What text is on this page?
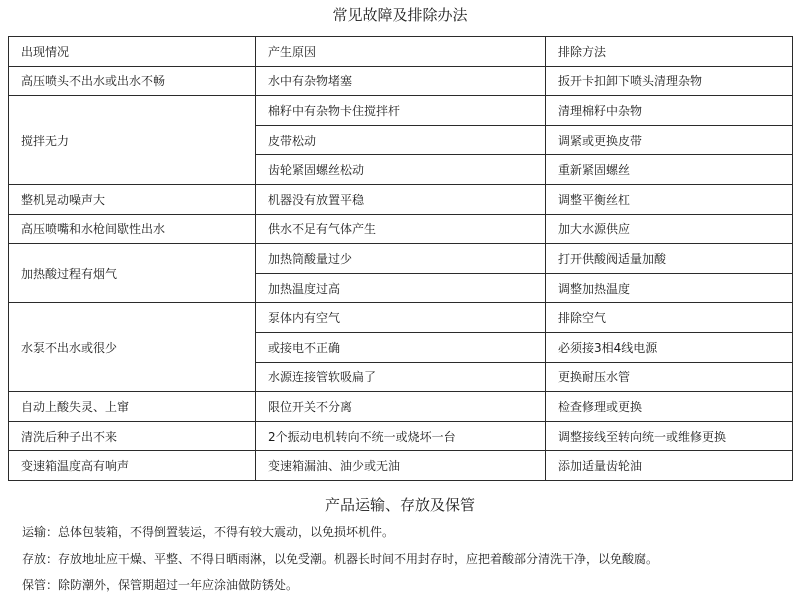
常见故障及排除办法
出现情况	产生原因	排除方法
高压喷头不出水或出水不畅	水中有杂物堵塞	扳开卡扣卸下喷头清理杂物
搅拌无力	棉籽中有杂物卡住搅拌杆	清理棉籽中杂物
	皮带松动	调紧或更换皮带
	齿轮紧固螺丝松动	重新紧固螺丝
整机晃动噪声大	机器没有放置平稳	调整平衡丝杠
高压喷嘴和水枪间歇性出水	供水不足有气体产生	加大水源供应
加热酸过程有烟气	加热筒酸量过少	打开供酸阀适量加酸
	加热温度过高	调整加热温度
水泵不出水或很少	泵体内有空气	排除空气
	或接电不正确	必须接3相4线电源
	水源连接管软吸扁了	更换耐压水管
自动上酸失灵、上窜	限位开关不分离	检查修理或更换
清洗后种子出不来	2个振动电机转向不统一或烧坏一台	调整接线至转向统一或维修更换
变速箱温度高有响声	变速箱漏油、油少或无油	添加适量齿轮油
产品运输、存放及保管
运输：总体包装箱，不得倒置装运，不得有较大震动，以免损坏机件。
存放：存放地址应干燥、平整、不得日晒雨淋，以免受潮。机器长时间不用封存时，应把着酸部分清洗干净，以免酸腐。
保管：除防潮外，保管期超过一年应涂油做防锈处。
